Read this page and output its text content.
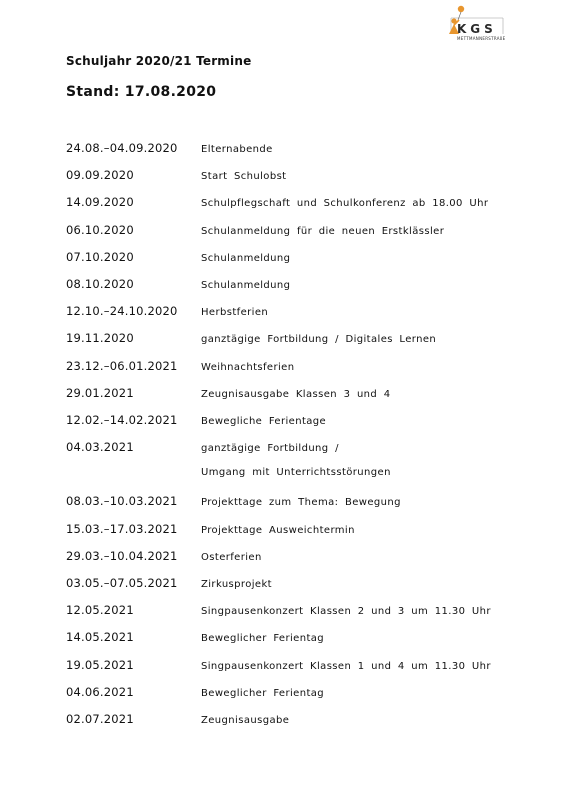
KGS
METTMANNERSTRAßE
Schuljahr 2020/21 Termine
Stand: 17.08.2020
24.08.–04.09.2020	Elternabende
09.09.2020	Start Schulobst
14.09.2020	Schulpflegschaft und Schulkonferenz ab 18.00 Uhr
06.10.2020	Schulanmeldung für die neuen Erstklässler
07.10.2020	Schulanmeldung
08.10.2020	Schulanmeldung
12.10.–24.10.2020	Herbstferien
19.11.2020	ganztägige Fortbildung / Digitales Lernen
23.12.–06.01.2021	Weihnachtsferien
29.01.2021	Zeugnisausgabe Klassen 3 und 4
12.02.–14.02.2021	Bewegliche Ferientage
04.03.2021	ganztägige Fortbildung /
Umgang mit Unterrichtsstörungen
08.03.–10.03.2021	Projekttage zum Thema: Bewegung
15.03.–17.03.2021	Projekttage Ausweichtermin
29.03.–10.04.2021	Osterferien
03.05.–07.05.2021	Zirkusprojekt
12.05.2021	Singpausenkonzert Klassen 2 und 3 um 11.30 Uhr
14.05.2021	Beweglicher Ferientag
19.05.2021	Singpausenkonzert Klassen 1 und 4 um 11.30 Uhr
04.06.2021	Beweglicher Ferientag
02.07.2021	Zeugnisausgabe
